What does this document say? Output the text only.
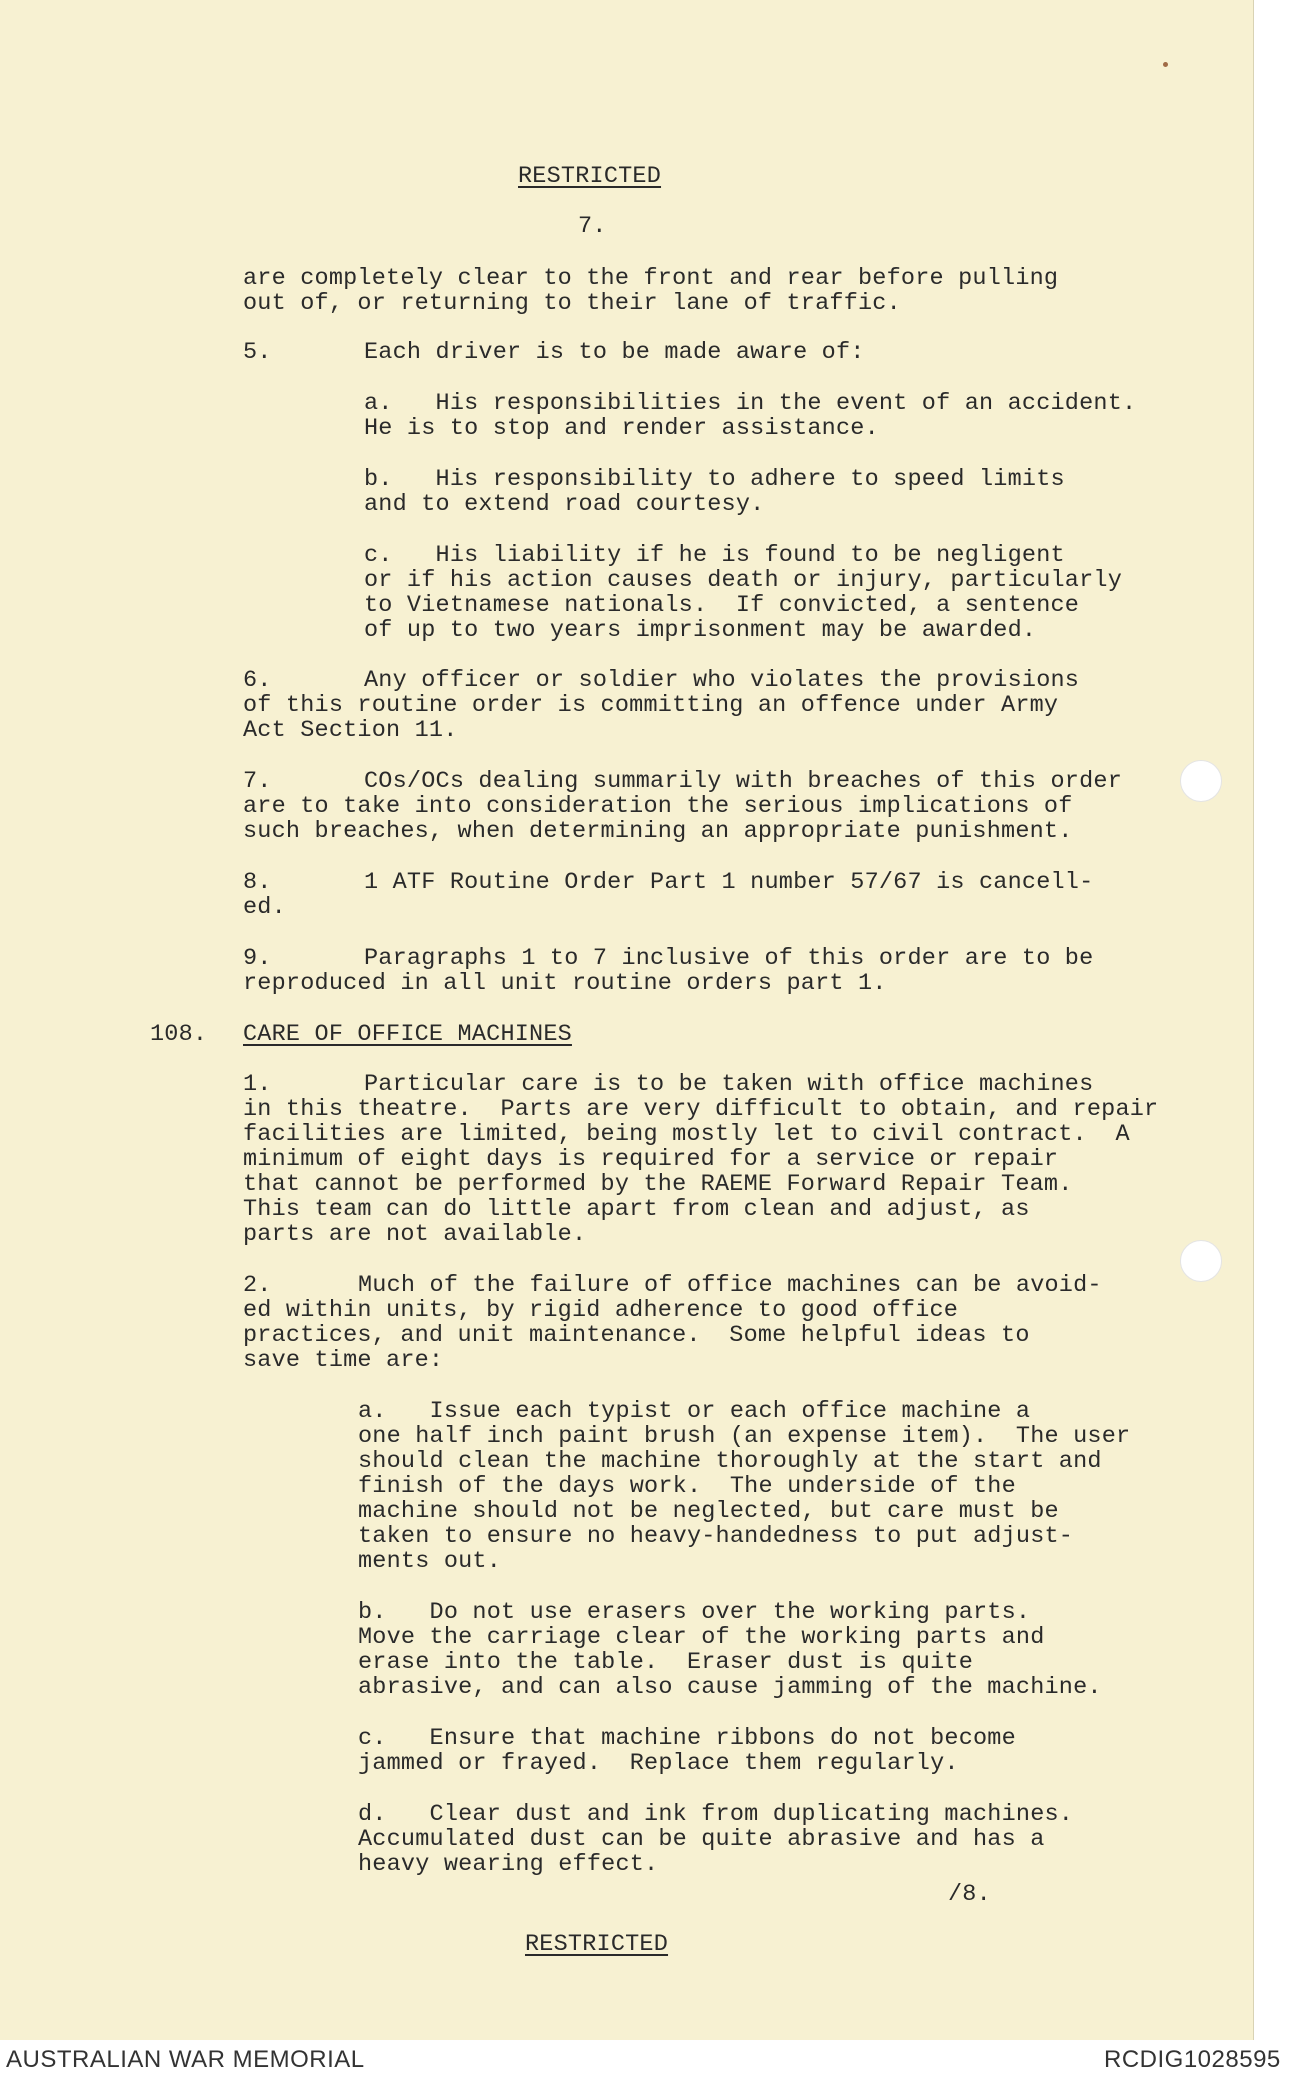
RESTRICTED
7.
are completely clear to the front and rear before pulling
out of, or returning to their lane of traffic.
5.	Each driver is to be made aware of:
a.   His responsibilities in the event of an accident.
He is to stop and render assistance.
b.   His responsibility to adhere to speed limits
and to extend road courtesy.
c.   His liability if he is found to be negligent
or if his action causes death or injury, particularly
to Vietnamese nationals.  If convicted, a sentence
of up to two years imprisonment may be awarded.
6.	Any officer or soldier who violates the provisions
of this routine order is committing an offence under Army
Act Section 11.
7.	COs/OCs dealing summarily with breaches of this order
are to take into consideration the serious implications of
such breaches, when determining an appropriate punishment.
8.	1 ATF Routine Order Part 1 number 57/67 is cancell-
ed.
9.	Paragraphs 1 to 7 inclusive of this order are to be
reproduced in all unit routine orders part 1.
1.	Particular care is to be taken with office machines
in this theatre.  Parts are very difficult to obtain, and repair
facilities are limited, being mostly let to civil contract.  A
minimum of eight days is required for a service or repair
that cannot be performed by the RAEME Forward Repair Team.
This team can do little apart from clean and adjust, as
parts are not available.
2.	Much of the failure of office machines can be avoid-
ed within units, by rigid adherence to good office
practices, and unit maintenance.  Some helpful ideas to
save time are:
a.   Issue each typist or each office machine a
one half inch paint brush (an expense item).  The user
should clean the machine thoroughly at the start and
finish of the days work.  The underside of the
machine should not be neglected, but care must be
taken to ensure no heavy-handedness to put adjust-
ments out.
b.   Do not use erasers over the working parts.
Move the carriage clear of the working parts and
erase into the table.  Eraser dust is quite
abrasive, and can also cause jamming of the machine.
c.   Ensure that machine ribbons do not become
jammed or frayed.  Replace them regularly.
d.   Clear dust and ink from duplicating machines.
Accumulated dust can be quite abrasive and has a
heavy wearing effect.
/8.
108. CARE OF OFFICE MACHINES
RESTRICTED
AUSTRALIAN WAR MEMORIAL	RCDIG1028595
